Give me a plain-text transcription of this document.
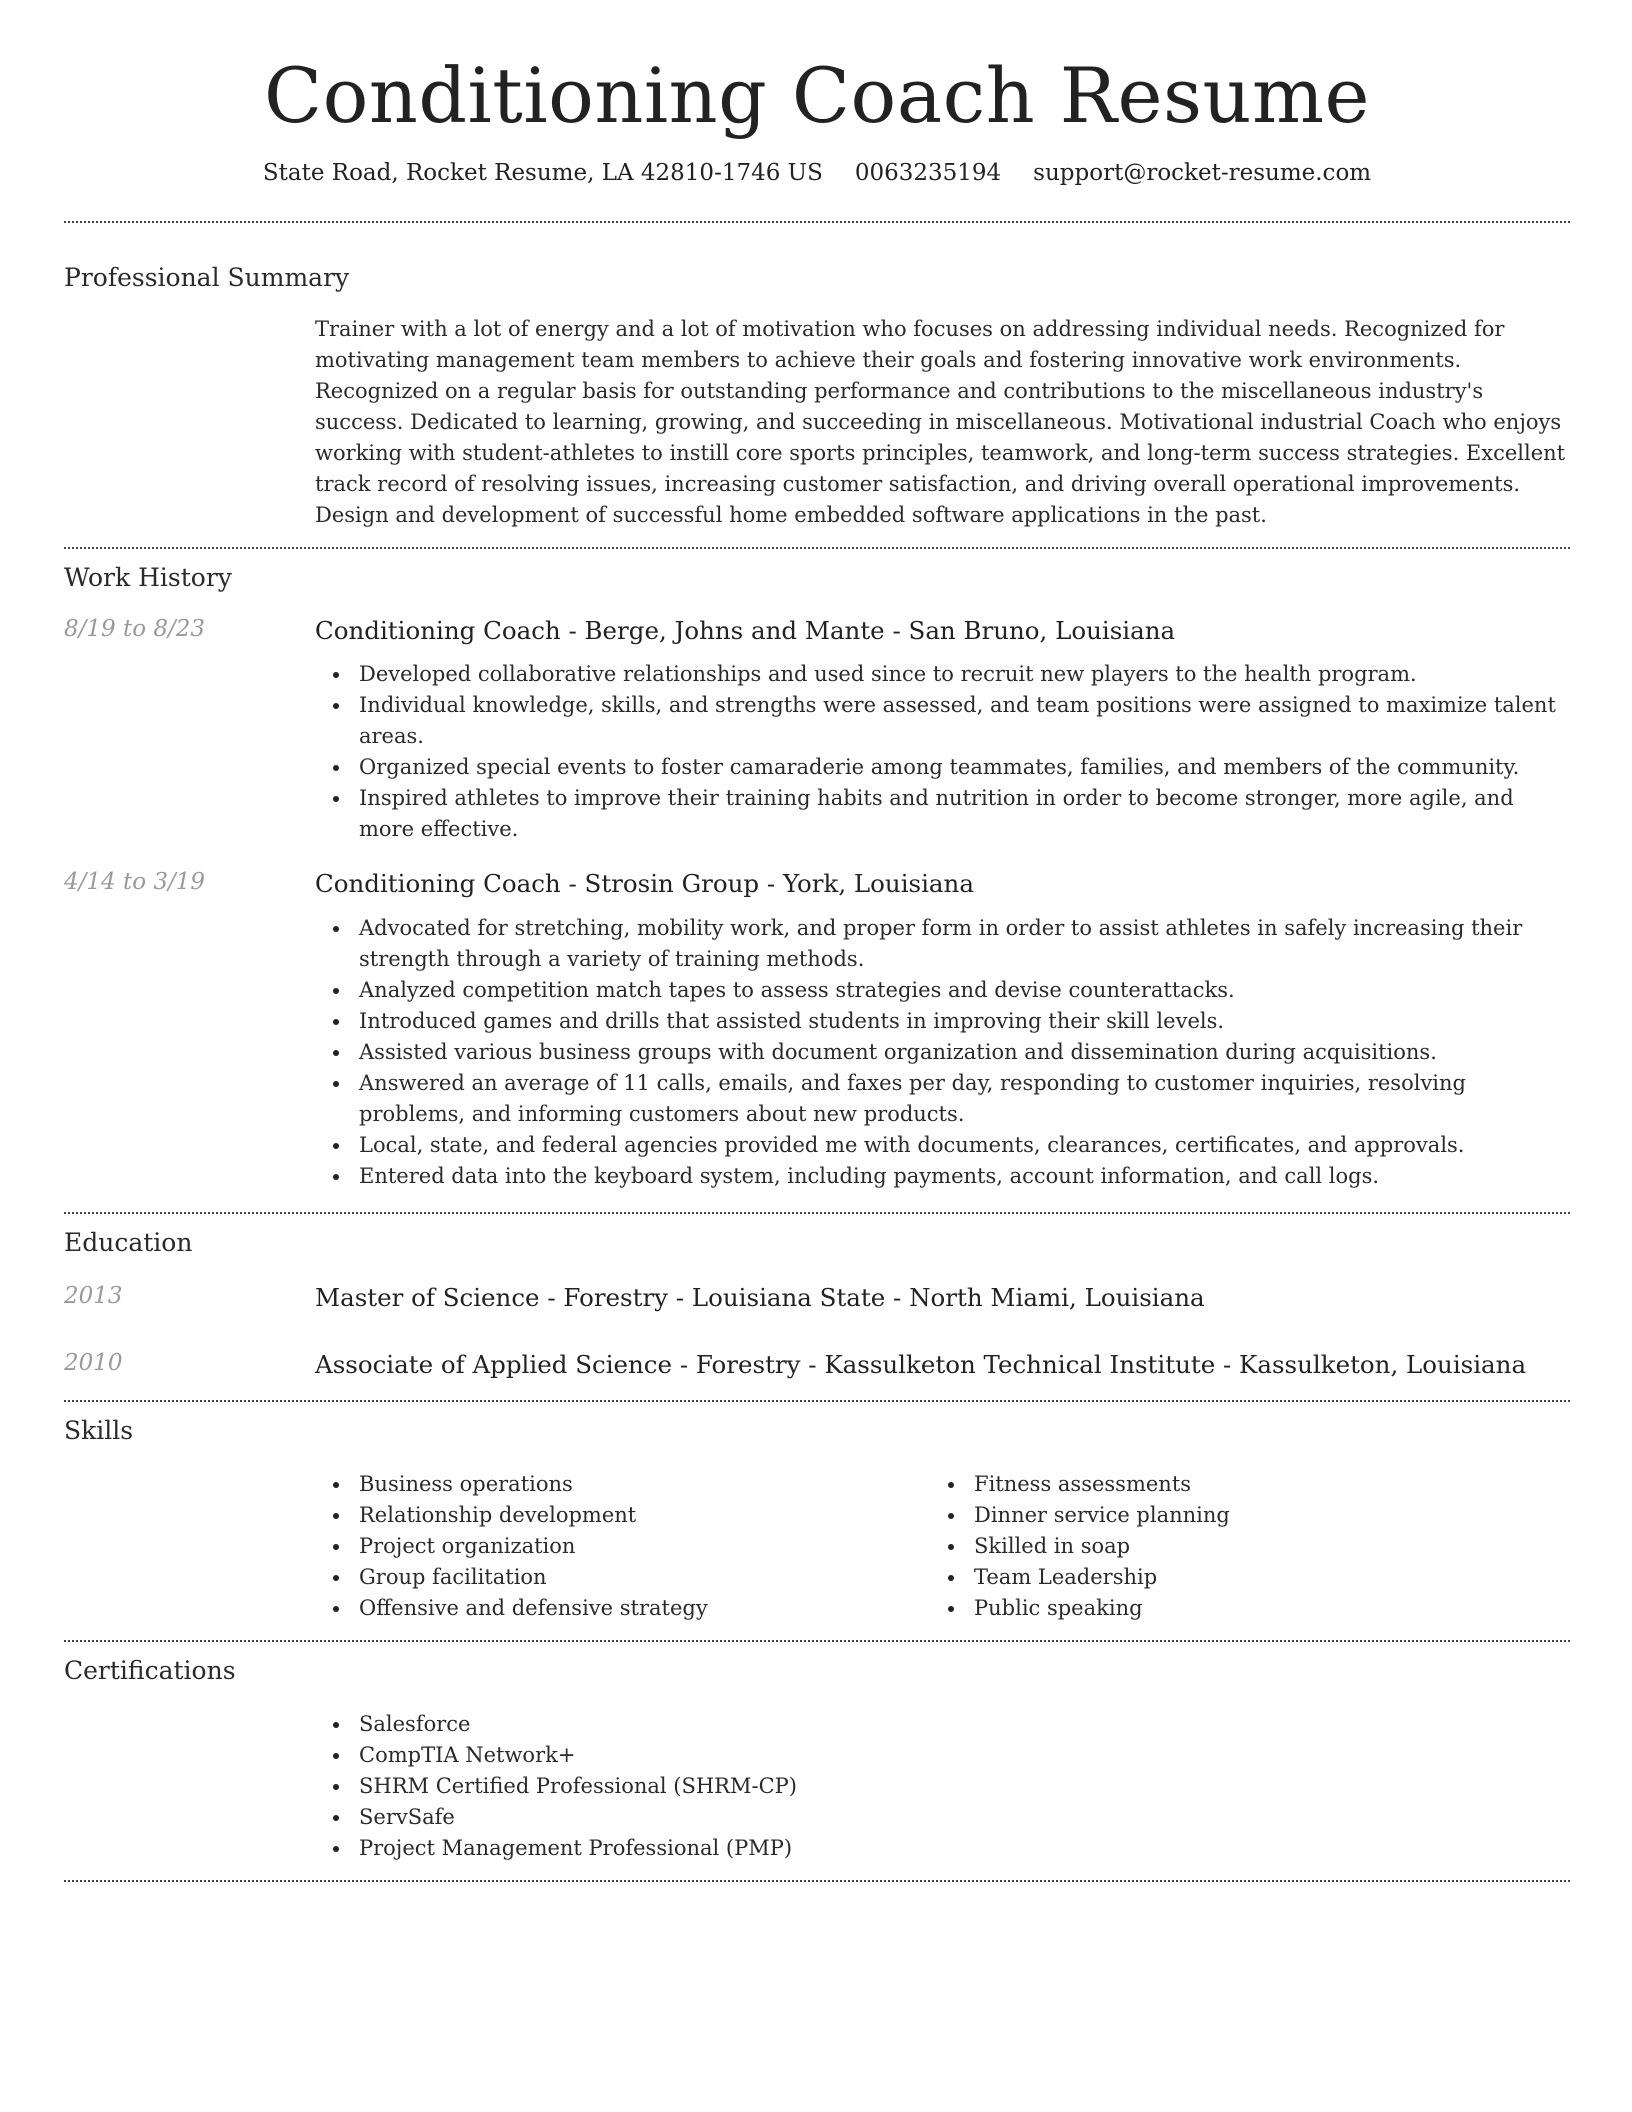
Conditioning Coach Resume
State Road, Rocket Resume, LA 42810-1746 US 0063235194 support@rocket-resume.com
Professional Summary

Trainer with a lot of energy and a lot of motivation who focuses on addressing individual needs. Recognized for motivating management team members to achieve their goals and fostering innovative work environments. Recognized on a regular basis for outstanding performance and contributions to the miscellaneous industry's success. Dedicated to learning, growing, and succeeding in miscellaneous. Motivational industrial Coach who enjoys working with student-athletes to instill core sports principles, teamwork, and long-term success strategies. Excellent track record of resolving issues, increasing customer satisfaction, and driving overall operational improvements. Design and development of successful home embedded software applications in the past.

Work History
8/19 to 8/23	Conditioning Coach - Berge, Johns and Mante - San Bruno, Louisiana
Developed collaborative relationships and used since to recruit new players to the health program.
Individual knowledge, skills, and strengths were assessed, and team positions were assigned to maximize talent areas.
Organized special events to foster camaraderie among teammates, families, and members of the community.
Inspired athletes to improve their training habits and nutrition in order to become stronger, more agile, and more effective.
4/14 to 3/19	Conditioning Coach - Strosin Group - York, Louisiana
Advocated for stretching, mobility work, and proper form in order to assist athletes in safely increasing their strength through a variety of training methods.
Analyzed competition match tapes to assess strategies and devise counterattacks.
Introduced games and drills that assisted students in improving their skill levels.
Assisted various business groups with document organization and dissemination during acquisitions.
Answered an average of 11 calls, emails, and faxes per day, responding to customer inquiries, resolving problems, and informing customers about new products.
Local, state, and federal agencies provided me with documents, clearances, certificates, and approvals.
Entered data into the keyboard system, including payments, account information, and call logs.
Education
2013	Master of Science - Forestry - Louisiana State - North Miami, Louisiana
2010	Associate of Applied Science - Forestry - Kassulketon Technical Institute - Kassulketon, Louisiana
Skills
Business operations
Relationship development
Project organization
Group facilitation
Offensive and defensive strategy
Fitness assessments
Dinner service planning
Skilled in soap
Team Leadership
Public speaking
Certifications
Salesforce
CompTIA Network+
SHRM Certified Professional (SHRM-CP)
ServSafe
Project Management Professional (PMP)
